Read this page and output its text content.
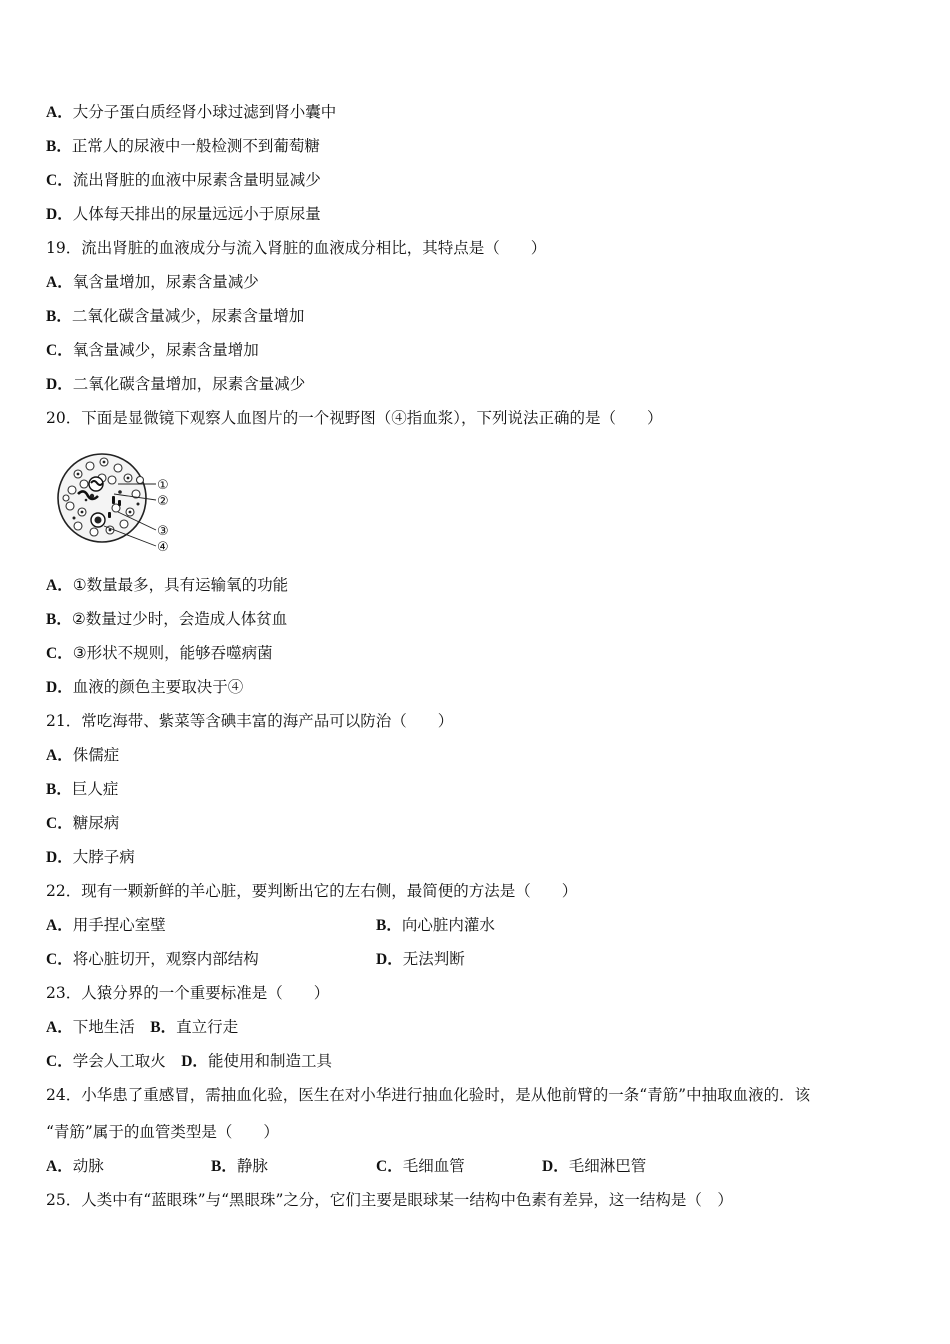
A．大分子蛋白质经肾小球过滤到肾小囊中
B．正常人的尿液中一般检测不到葡萄糖
C．流出肾脏的血液中尿素含量明显减少
D．人体每天排出的尿量远远小于原尿量
19．流出肾脏的血液成分与流入肾脏的血液成分相比，其特点是（　　）
A．氧含量增加，尿素含量减少
B．二氧化碳含量减少，尿素含量增加
C．氧含量减少，尿素含量增加
D．二氧化碳含量增加，尿素含量减少
20．下面是显微镜下观察人血图片的一个视野图（④指血浆），下列说法正确的是（　　）
①
②
③
④
A．①数量最多，具有运输氧的功能
B．②数量过少时，会造成人体贫血
C．③形状不规则，能够吞噬病菌
D．血液的颜色主要取决于④
21．常吃海带、紫菜等含碘丰富的海产品可以防治（　　）
A．侏儒症
B．巨人症
C．糖尿病
D．大脖子病
22．现有一颗新鲜的羊心脏，要判断出它的左右侧，最简便的方法是（　　）
A．用手捏心室壁	B．向心脏内灌水
C．将心脏切开，观察内部结构	D．无法判断
23．人猿分界的一个重要标准是（　　）
A．下地生活　 B．直立行走
C．学会人工取火　 D．能使用和制造工具
24．小华患了重感冒，需抽血化验，医生在对小华进行抽血化验时，是从他前臂的一条“青筋”中抽取血液的．该
“青筋”属于的血管类型是（　　）
A．动脉	B．静脉	C．毛细血管	D．毛细淋巴管
25．人类中有“蓝眼珠”与“黑眼珠”之分，它们主要是眼球某一结构中色素有差异，这一结构是（　）
